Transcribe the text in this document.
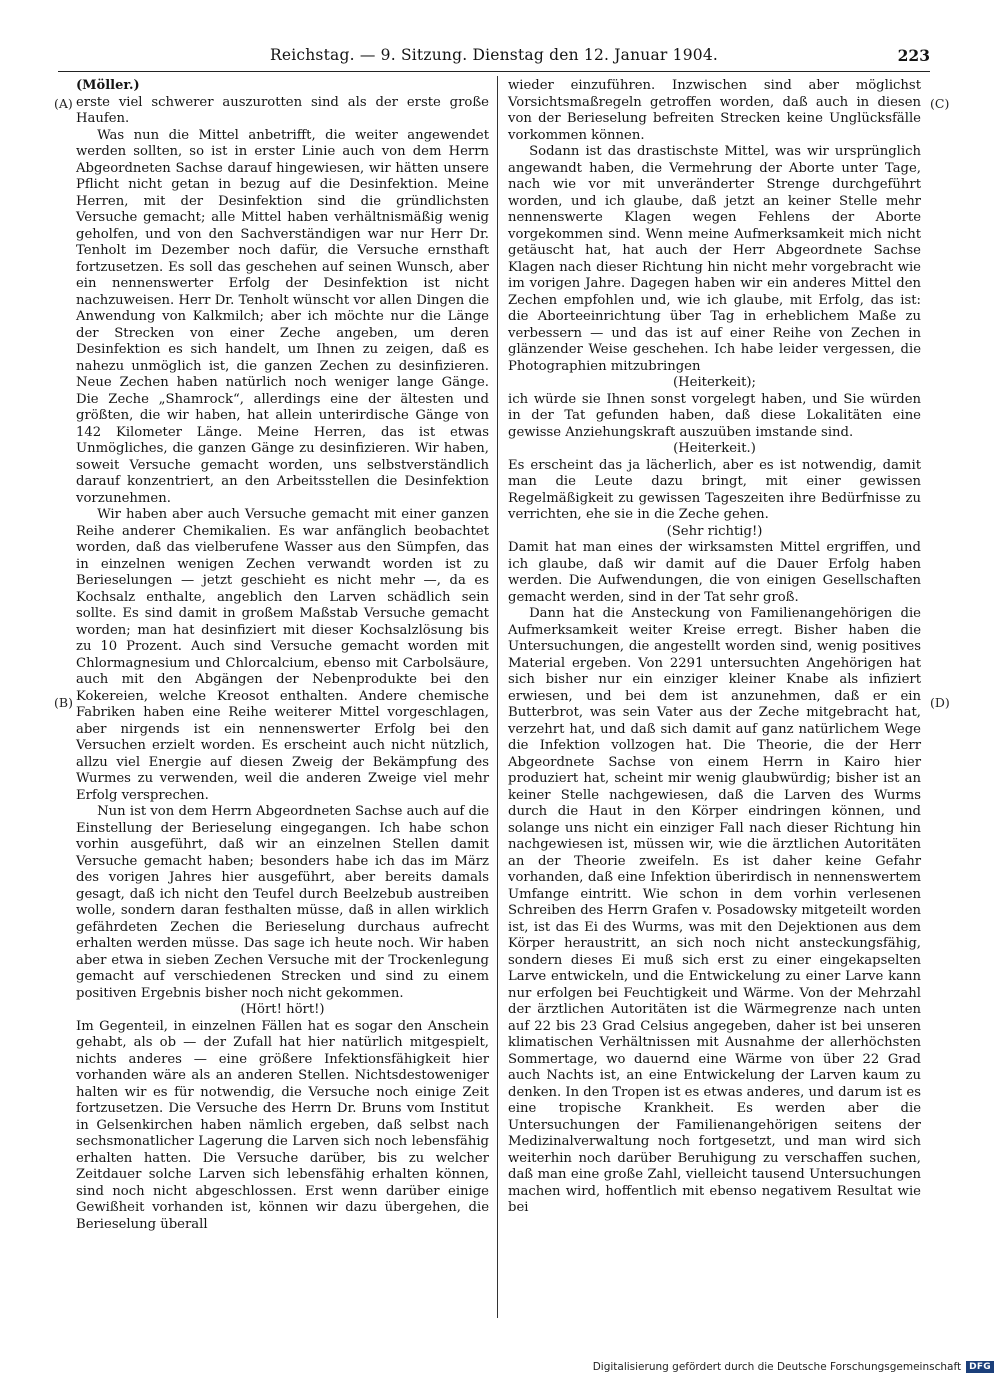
Reichstag. — 9. Sitzung. Dienstag den 12. Januar 1904.	223
(A)
(B)
(C)
(D)

(Möller.)

erste viel schwerer auszurotten sind als der erste große Haufen.

Was nun die Mittel anbetrifft, die weiter angewendet werden sollten, so ist in erster Linie auch von dem Herrn Abgeordneten Sachse darauf hingewiesen, wir hätten unsere Pflicht nicht getan in bezug auf die Desinfektion. Meine Herren, mit der Desinfektion sind die gründlichsten Versuche gemacht; alle Mittel haben verhältnismäßig wenig geholfen, und von den Sachverständigen war nur Herr Dr. Tenholt im Dezember noch dafür, die Versuche ernsthaft fortzusetzen. Es soll das geschehen auf seinen Wunsch, aber ein nennenswerter Erfolg der Desinfektion ist nicht nachzuweisen. Herr Dr. Tenholt wünscht vor allen Dingen die Anwendung von Kalkmilch; aber ich möchte nur die Länge der Strecken von einer Zeche angeben, um deren Desinfektion es sich handelt, um Ihnen zu zeigen, daß es nahezu unmöglich ist, die ganzen Zechen zu desinfizieren. Neue Zechen haben natürlich noch weniger lange Gänge. Die Zeche „Shamrock“, allerdings eine der ältesten und größten, die wir haben, hat allein unterirdische Gänge von 142 Kilometer Länge. Meine Herren, das ist etwas Unmögliches, die ganzen Gänge zu desinfizieren. Wir haben, soweit Versuche gemacht worden, uns selbstverständlich darauf konzentriert, an den Arbeitsstellen die Desinfektion vorzunehmen.

Wir haben aber auch Versuche gemacht mit einer ganzen Reihe anderer Chemikalien. Es war anfänglich beobachtet worden, daß das vielberufene Wasser aus den Sümpfen, das in einzelnen wenigen Zechen verwandt worden ist zu Berieselungen — jetzt geschieht es nicht mehr —, da es Kochsalz enthalte, angeblich den Larven schädlich sein sollte. Es sind damit in großem Maßstab Versuche gemacht worden; man hat desinfiziert mit dieser Kochsalzlösung bis zu 10 Prozent. Auch sind Versuche gemacht worden mit Chlormagnesium und Chlorcalcium, ebenso mit Carbolsäure, auch mit den Abgängen der Nebenprodukte bei den Kokereien, welche Kreosot enthalten. Andere chemische Fabriken haben eine Reihe weiterer Mittel vorgeschlagen, aber nirgends ist ein nennenswerter Erfolg bei den Versuchen erzielt worden. Es erscheint auch nicht nützlich, allzu viel Energie auf diesen Zweig der Bekämpfung des Wurmes zu verwenden, weil die anderen Zweige viel mehr Erfolg versprechen.

Nun ist von dem Herrn Abgeordneten Sachse auch auf die Einstellung der Berieselung eingegangen. Ich habe schon vorhin ausgeführt, daß wir an einzelnen Stellen damit Versuche gemacht haben; besonders habe ich das im März des vorigen Jahres hier ausgeführt, aber bereits damals gesagt, daß ich nicht den Teufel durch Beelzebub austreiben wolle, sondern daran festhalten müsse, daß in allen wirklich gefährdeten Zechen die Berieselung durchaus aufrecht erhalten werden müsse. Das sage ich heute noch. Wir haben aber etwa in sieben Zechen Versuche mit der Trockenlegung gemacht auf verschiedenen Strecken und sind zu einem positiven Ergebnis bisher noch nicht gekommen.

(Hört! hört!)

Im Gegenteil, in einzelnen Fällen hat es sogar den Anschein gehabt, als ob — der Zufall hat hier natürlich mitgespielt, nichts anderes — eine größere Infektionsfähigkeit hier vorhanden wäre als an anderen Stellen. Nichtsdestoweniger halten wir es für notwendig, die Versuche noch einige Zeit fortzusetzen. Die Versuche des Herrn Dr. Bruns vom Institut in Gelsenkirchen haben nämlich ergeben, daß selbst nach sechsmonatlicher Lagerung die Larven sich noch lebensfähig erhalten hatten. Die Versuche darüber, bis zu welcher Zeitdauer solche Larven sich lebensfähig erhalten können, sind noch nicht abgeschlossen. Erst wenn darüber einige Gewißheit vorhanden ist, können wir dazu übergehen, die Berieselung überall

wieder einzuführen. Inzwischen sind aber möglichst Vorsichtsmaßregeln getroffen worden, daß auch in diesen von der Berieselung befreiten Strecken keine Unglücksfälle vorkommen können.

Sodann ist das drastischste Mittel, was wir ursprünglich angewandt haben, die Vermehrung der Aborte unter Tage, nach wie vor mit unveränderter Strenge durchgeführt worden, und ich glaube, daß jetzt an keiner Stelle mehr nennenswerte Klagen wegen Fehlens der Aborte vorgekommen sind. Wenn meine Aufmerksamkeit mich nicht getäuscht hat, hat auch der Herr Abgeordnete Sachse Klagen nach dieser Richtung hin nicht mehr vorgebracht wie im vorigen Jahre. Dagegen haben wir ein anderes Mittel den Zechen empfohlen und, wie ich glaube, mit Erfolg, das ist: die Aborteeinrichtung über Tag in erheblichem Maße zu verbessern — und das ist auf einer Reihe von Zechen in glänzender Weise geschehen. Ich habe leider vergessen, die Photographien mitzubringen

(Heiterkeit);

ich würde sie Ihnen sonst vorgelegt haben, und Sie würden in der Tat gefunden haben, daß diese Lokalitäten eine gewisse Anziehungskraft auszuüben imstande sind.

(Heiterkeit.)

Es erscheint das ja lächerlich, aber es ist notwendig, damit man die Leute dazu bringt, mit einer gewissen Regelmäßigkeit zu gewissen Tageszeiten ihre Bedürfnisse zu verrichten, ehe sie in die Zeche gehen.

(Sehr richtig!)

Damit hat man eines der wirksamsten Mittel ergriffen, und ich glaube, daß wir damit auf die Dauer Erfolg haben werden. Die Aufwendungen, die von einigen Gesellschaften gemacht werden, sind in der Tat sehr groß.

Dann hat die Ansteckung von Familienangehörigen die Aufmerksamkeit weiter Kreise erregt. Bisher haben die Untersuchungen, die angestellt worden sind, wenig positives Material ergeben. Von 2291 untersuchten Angehörigen hat sich bisher nur ein einziger kleiner Knabe als infiziert erwiesen, und bei dem ist anzunehmen, daß er ein Butterbrot, was sein Vater aus der Zeche mitgebracht hat, verzehrt hat, und daß sich damit auf ganz natürlichem Wege die Infektion vollzogen hat. Die Theorie, die der Herr Abgeordnete Sachse von einem Herrn in Kairo hier produziert hat, scheint mir wenig glaubwürdig; bisher ist an keiner Stelle nachgewiesen, daß die Larven des Wurms durch die Haut in den Körper eindringen können, und solange uns nicht ein einziger Fall nach dieser Richtung hin nachgewiesen ist, müssen wir, wie die ärztlichen Autoritäten an der Theorie zweifeln. Es ist daher keine Gefahr vorhanden, daß eine Infektion überirdisch in nennenswertem Umfange eintritt. Wie schon in dem vorhin verlesenen Schreiben des Herrn Grafen v. Posadowsky mitgeteilt worden ist, ist das Ei des Wurms, was mit den Dejektionen aus dem Körper heraustritt, an sich noch nicht ansteckungsfähig, sondern dieses Ei muß sich erst zu einer eingekapselten Larve entwickeln, und die Entwickelung zu einer Larve kann nur erfolgen bei Feuchtigkeit und Wärme. Von der Mehrzahl der ärztlichen Autoritäten ist die Wärmegrenze nach unten auf 22 bis 23 Grad Celsius angegeben, daher ist bei unseren klimatischen Verhältnissen mit Ausnahme der allerhöchsten Sommertage, wo dauernd eine Wärme von über 22 Grad auch Nachts ist, an eine Entwickelung der Larven kaum zu denken. In den Tropen ist es etwas anderes, und darum ist es eine tropische Krankheit. Es werden aber die Untersuchungen der Familienangehörigen seitens der Medizinalverwaltung noch fortgesetzt, und man wird sich weiterhin noch darüber Beruhigung zu verschaffen suchen, daß man eine große Zahl, vielleicht tausend Untersuchungen machen wird, hoffentlich mit ebenso negativem Resultat wie bei

Digitalisierung gefördert durch die Deutsche Forschungsgemeinschaft DFG
